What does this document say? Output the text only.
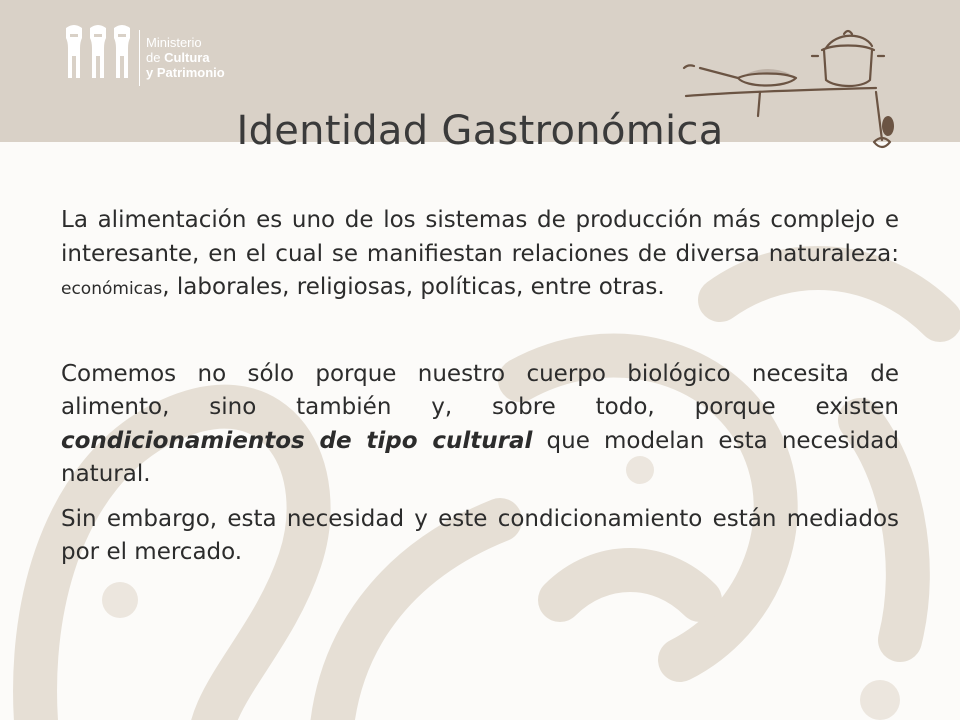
Ministerio
de Cultura
y Patrimonio
Identidad Gastronómica

La alimentación es uno de los sistemas de producción más complejo e interesante, en el cual se manifiestan relaciones de diversa naturaleza: económicas, laborales, religiosas, políticas, entre otras.

Comemos no sólo porque nuestro cuerpo biológico necesita de alimento, sino también y, sobre todo, porque existen condicionamientos de tipo cultural que modelan esta necesidad natural.

Sin embargo, esta necesidad y este condicionamiento están mediados por el mercado.
